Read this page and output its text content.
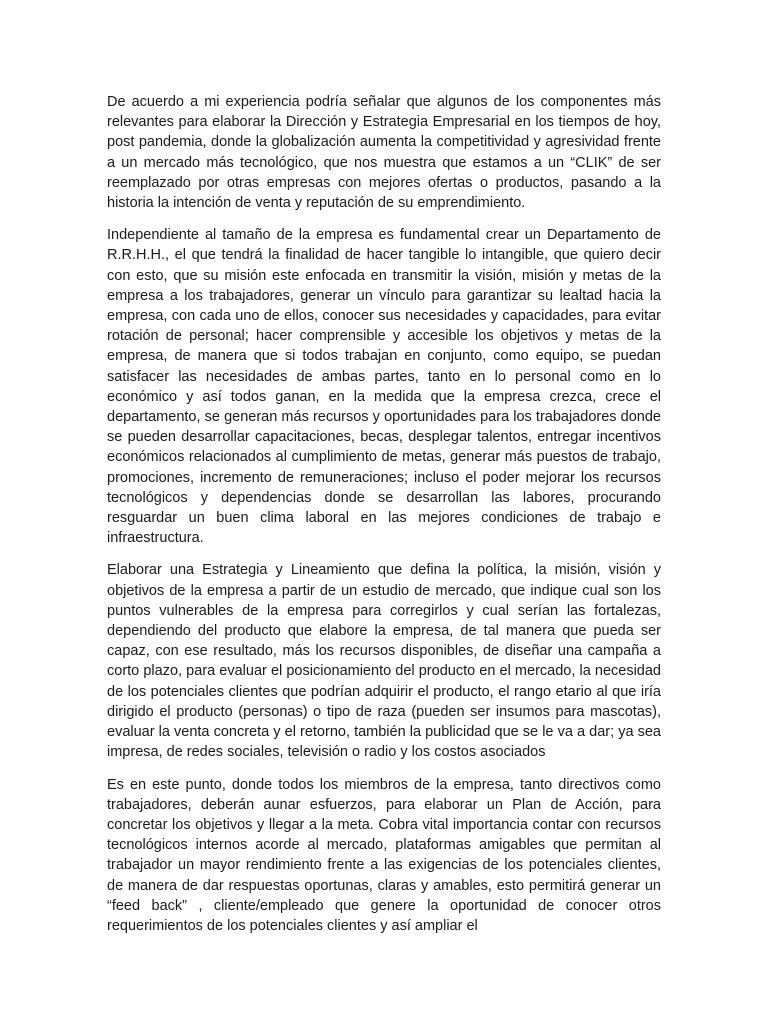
De acuerdo a mi experiencia podría señalar que algunos de los componentes más relevantes para elaborar la Dirección y Estrategia Empresarial en los tiempos de hoy, post pandemia, donde la globalización aumenta la competitividad y agresividad frente a un mercado más tecnológico, que nos muestra que estamos a un “CLIK” de ser reemplazado por otras empresas con mejores ofertas o productos, pasando a la historia la intención de venta y reputación de su emprendimiento.

Independiente al tamaño de la empresa es fundamental crear un Departamento de R.R.H.H., el que tendrá la finalidad de hacer tangible lo intangible, que quiero decir con esto, que su misión este enfocada en transmitir la visión, misión y metas de la empresa a los trabajadores, generar un vínculo para garantizar su lealtad hacia la empresa, con cada uno de ellos, conocer sus necesidades y capacidades, para evitar rotación de personal; hacer comprensible y accesible los objetivos y metas de la empresa, de manera que si todos trabajan en conjunto, como equipo, se puedan satisfacer las necesidades de ambas partes, tanto en lo personal como en lo económico y así todos ganan, en la medida que la empresa crezca, crece el departamento, se generan más recursos y oportunidades para los trabajadores donde se pueden desarrollar capacitaciones, becas, desplegar talentos, entregar incentivos económicos relacionados al cumplimiento de metas, generar más puestos de trabajo, promociones, incremento de remuneraciones; incluso el poder mejorar los recursos tecnológicos y dependencias donde se desarrollan las labores, procurando resguardar un buen clima laboral en las mejores condiciones de trabajo e infraestructura.

Elaborar una Estrategia y Lineamiento que defina la política, la misión, visión y objetivos de la empresa a partir de un estudio de mercado, que indique cual son los puntos vulnerables de la empresa para corregirlos y cual serían las fortalezas, dependiendo del producto que elabore la empresa, de tal manera que pueda ser capaz, con ese resultado, más los recursos disponibles, de diseñar una campaña a corto plazo, para evaluar el posicionamiento del producto en el mercado, la necesidad de los potenciales clientes que podrían adquirir el producto, el rango etario al que iría dirigido el producto (personas) o tipo de raza (pueden ser insumos para mascotas), evaluar la venta concreta y el retorno, también la publicidad que se le va a dar; ya sea impresa, de redes sociales, televisión o radio y los costos asociados

Es en este punto, donde todos los miembros de la empresa, tanto directivos como trabajadores, deberán aunar esfuerzos, para elaborar un Plan de Acción, para concretar los objetivos y llegar a la meta. Cobra vital importancia contar con recursos tecnológicos internos acorde al mercado, plataformas amigables que permitan al trabajador un mayor rendimiento frente a las exigencias de los potenciales clientes, de manera de dar respuestas oportunas, claras y amables, esto permitirá generar un “feed back” , cliente/empleado que genere la oportunidad de conocer otros requerimientos de los potenciales clientes y así ampliar el
